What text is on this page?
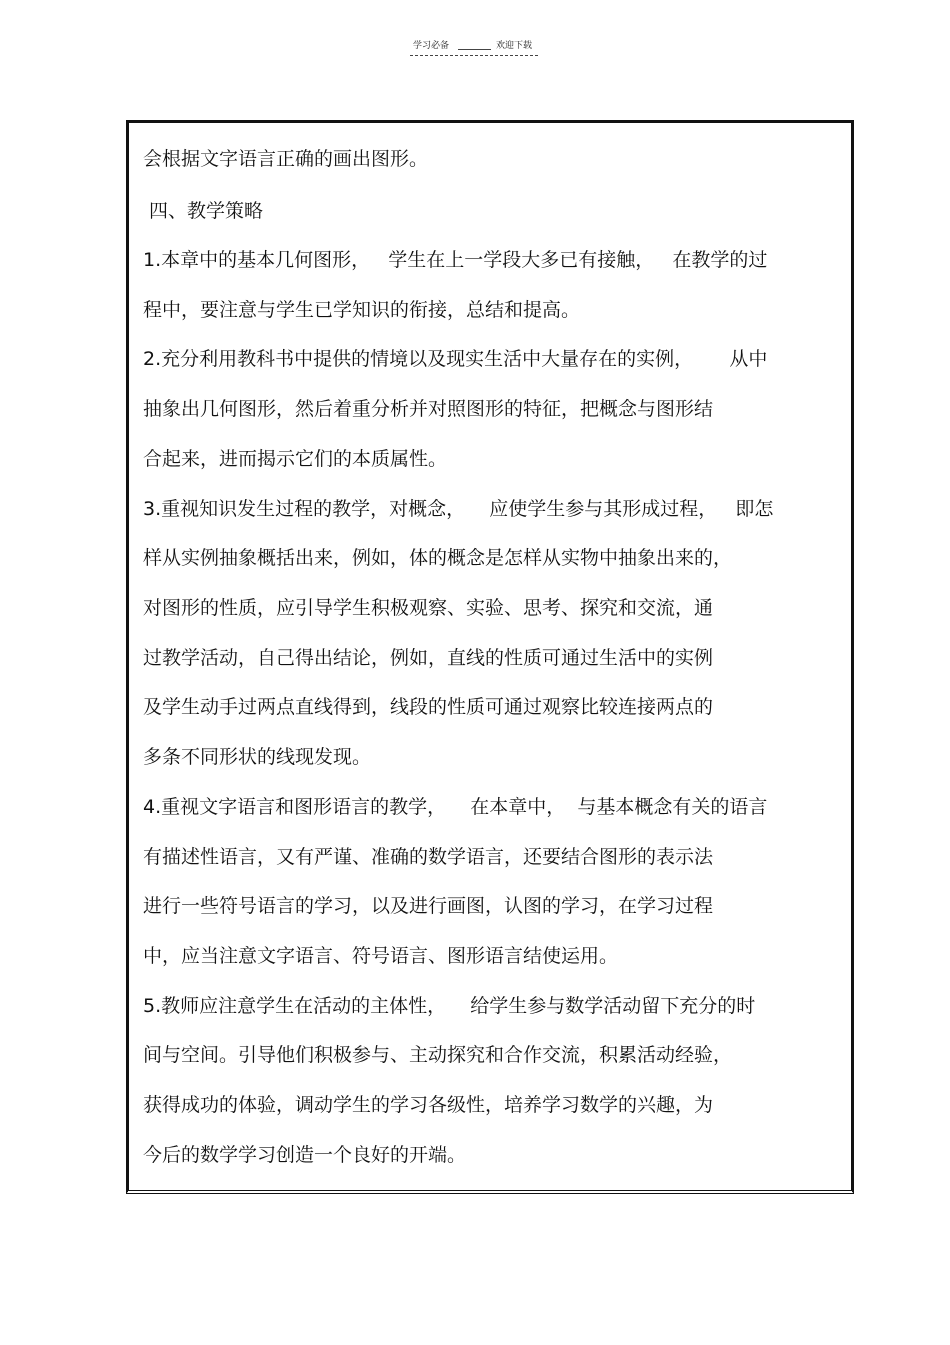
学习必备	欢迎下载
会根据文字语言正确的画出图形。
四、教学策略
1.本章中的基本几何图形，   学生在上一学段大多已有接触，   在教学的过
程中，要注意与学生已学知识的衔接，总结和提高。
2.充分利用教科书中提供的情境以及现实生活中大量存在的实例，      从中
抽象出几何图形，然后着重分析并对照图形的特征，把概念与图形结
合起来，进而揭示它们的本质属性。
3.重视知识发生过程的教学，对概念，    应使学生参与其形成过程，   即怎
样从实例抽象概括出来，例如，体的概念是怎样从实物中抽象出来的，
对图形的性质，应引导学生积极观察、实验、思考、探究和交流，通
过教学活动，自己得出结论，例如，直线的性质可通过生活中的实例
及学生动手过两点直线得到，线段的性质可通过观察比较连接两点的
多条不同形状的线现发现。
4.重视文字语言和图形语言的教学，    在本章中，  与基本概念有关的语言
有描述性语言，又有严谨、准确的数学语言，还要结合图形的表示法
进行一些符号语言的学习，以及进行画图，认图的学习，在学习过程
中，应当注意文字语言、符号语言、图形语言结使运用。
5.教师应注意学生在活动的主体性，    给学生参与数学活动留下充分的时
间与空间。引导他们积极参与、主动探究和合作交流，积累活动经验，
获得成功的体验，调动学生的学习各级性，培养学习数学的兴趣，为
今后的数学学习创造一个良好的开端。
